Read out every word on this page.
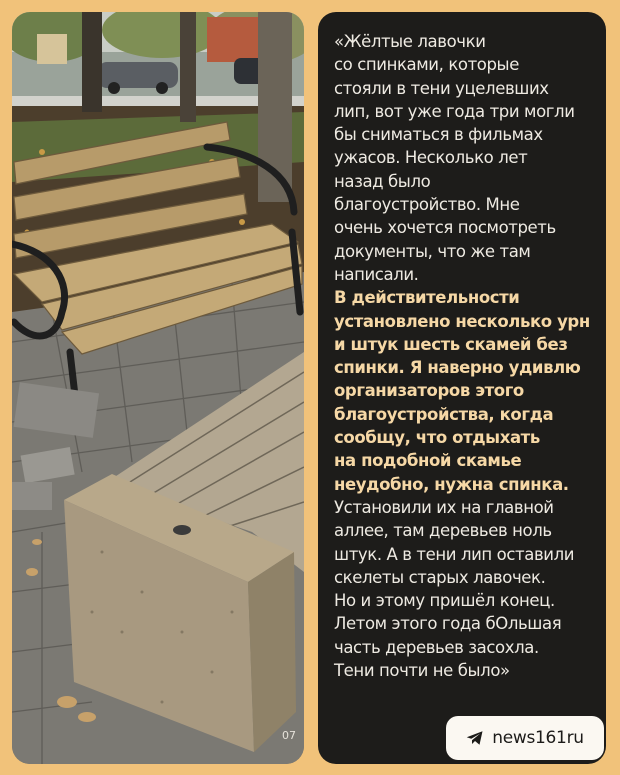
07
«Жёлтые лавочки
со спинками, которые
стояли в тени уцелевших
лип, вот уже года три могли
бы сниматься в фильмах
ужасов. Несколько лет
назад было
благоустройство. Мне
очень хочется посмотреть
документы, что же там
написали.
В действительности
установлено несколько урн
и штук шесть скамей без
спинки. Я наверно удивлю
организаторов этого
благоустройства, когда
сообщу, что отдыхать
на подобной скамье
неудобно, нужна спинка.
Установили их на главной
аллее, там деревьев ноль
штук. А в тени лип оставили
скелеты старых лавочек.
Но и этому пришёл конец.
Летом этого года бОльшая
часть деревьев засохла.
Тени почти не было»
news161ru
